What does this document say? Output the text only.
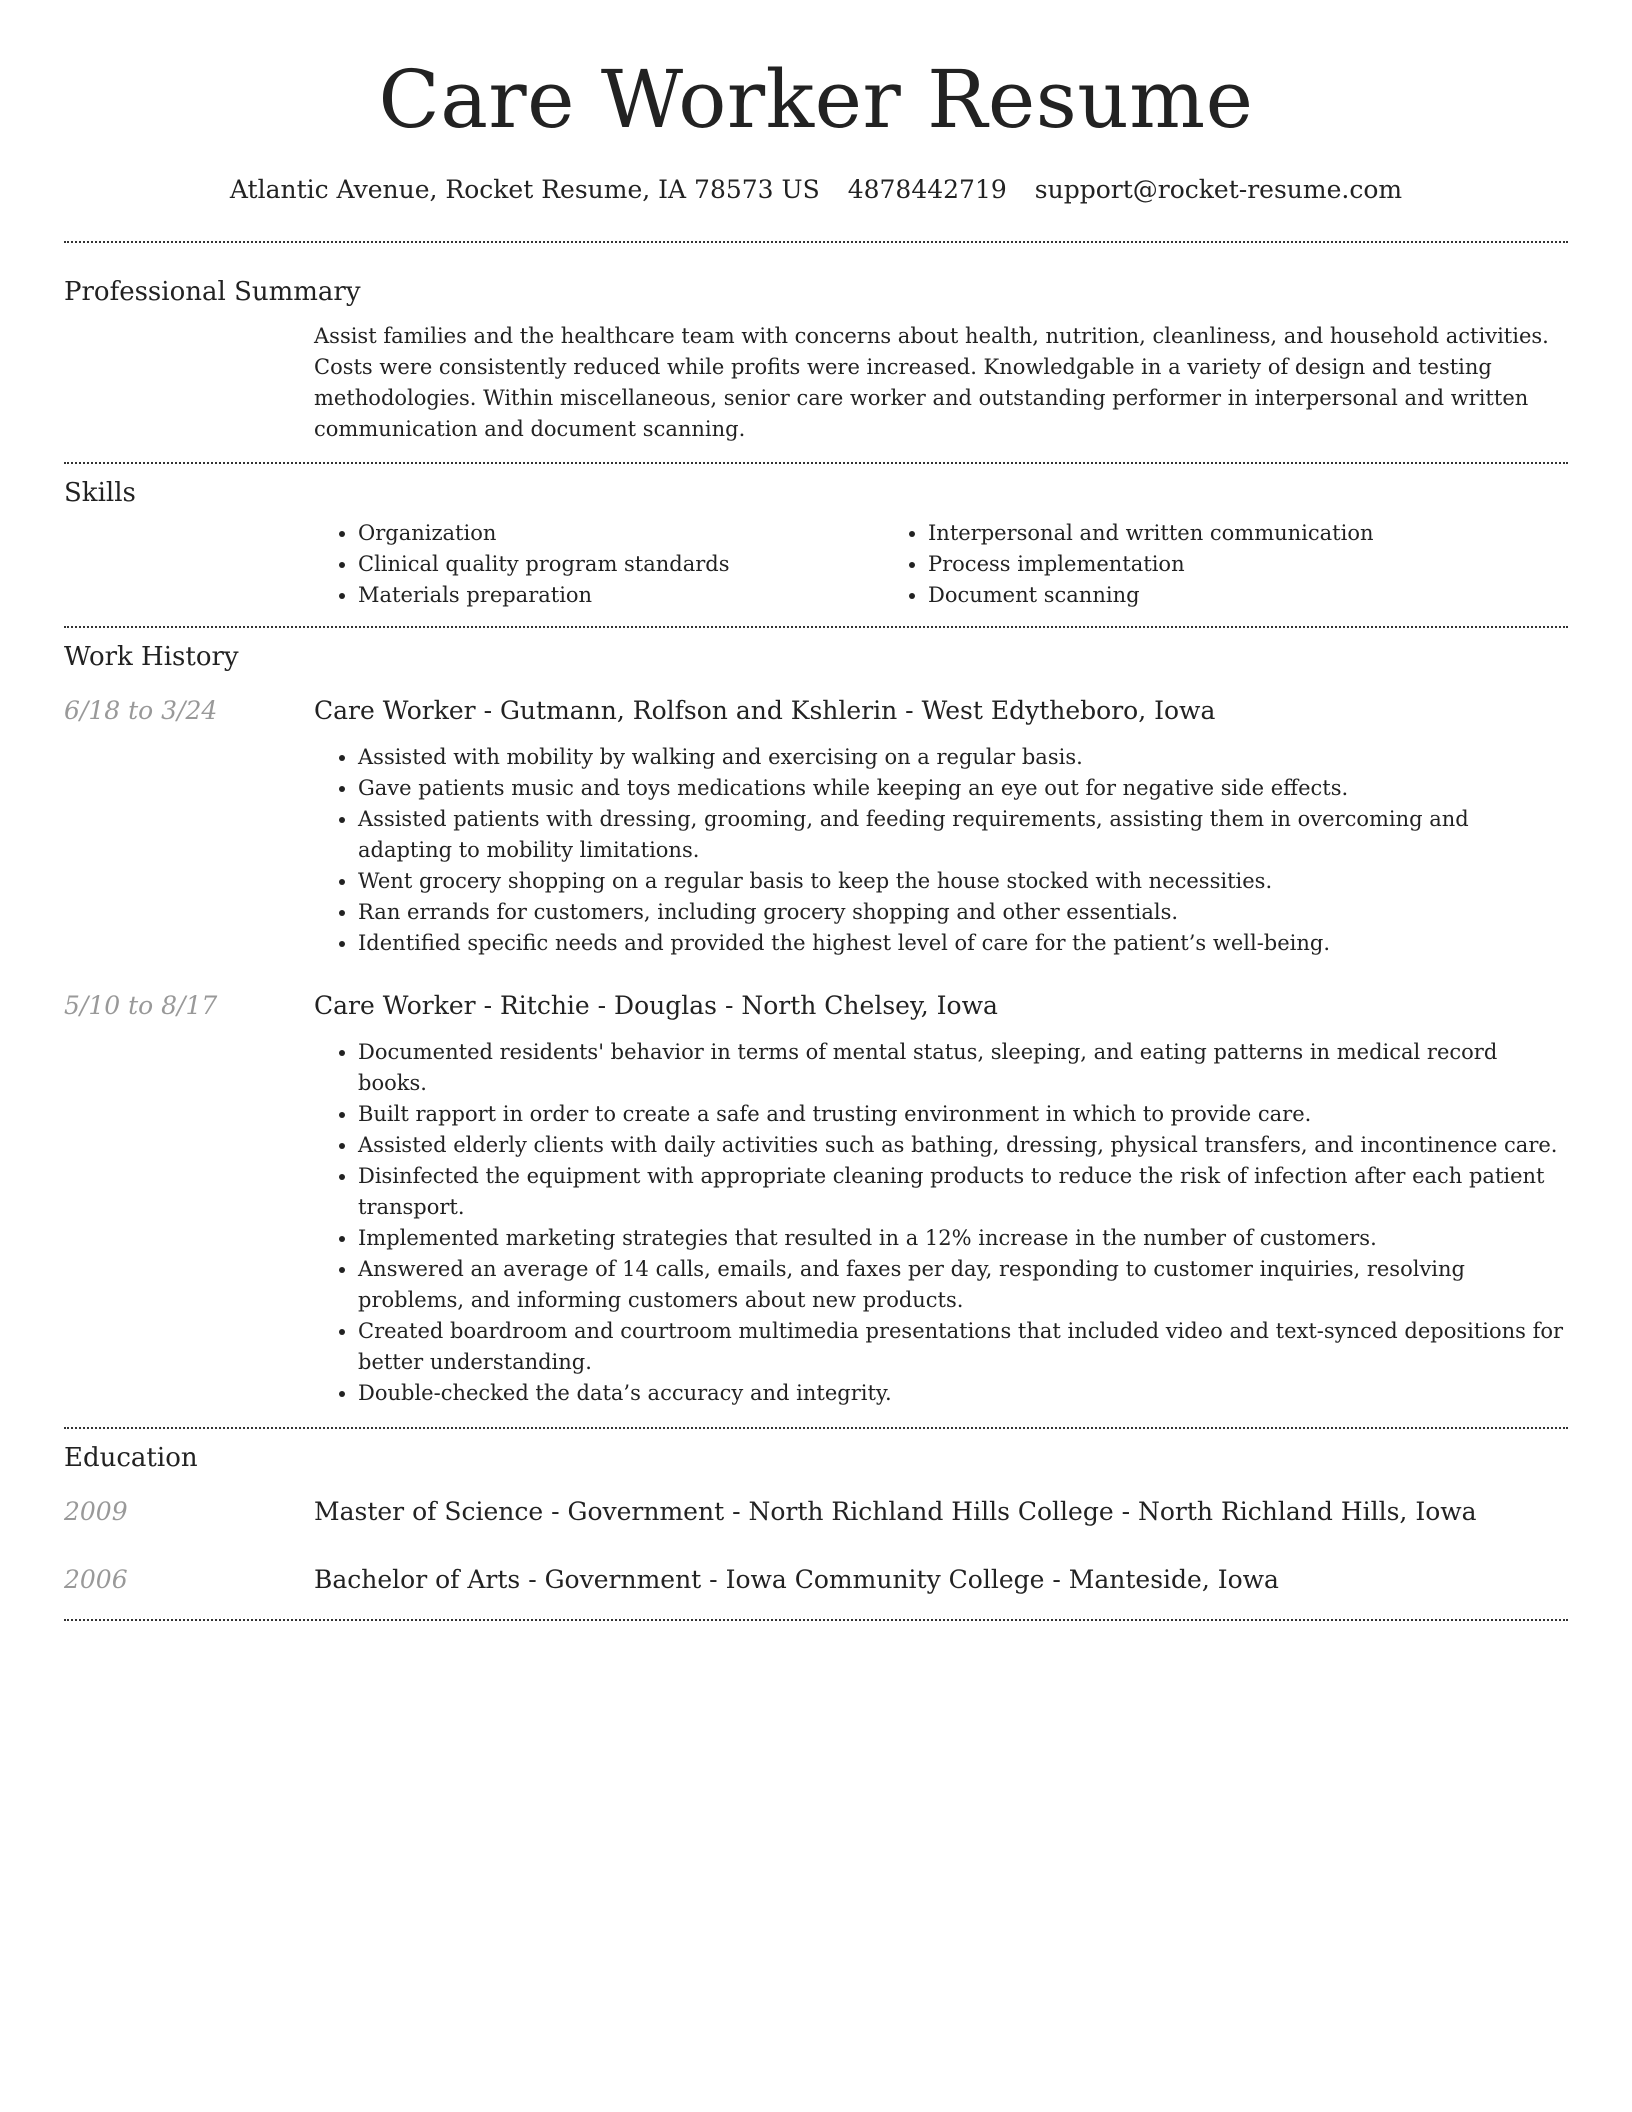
Care Worker Resume
Atlantic Avenue, Rocket Resume, IA 78573 US 4878442719 support@rocket-resume.com
Professional Summary

Assist families and the healthcare team with concerns about health, nutrition, cleanliness, and household activities. Costs were consistently reduced while profits were increased. Knowledgable in a variety of design and testing methodologies. Within miscellaneous, senior care worker and outstanding performer in interpersonal and written communication and document scanning.

Skills
• Organization
• Clinical quality program standards
• Materials preparation
• Interpersonal and written communication
• Process implementation
• Document scanning
Work History
6/18 to 3/24	Care Worker - Gutmann, Rolfson and Kshlerin - West Edytheboro, Iowa
• Assisted with mobility by walking and exercising on a regular basis.
• Gave patients music and toys medications while keeping an eye out for negative side effects.
• Assisted patients with dressing, grooming, and feeding requirements, assisting them in overcoming and adapting to mobility limitations.
• Went grocery shopping on a regular basis to keep the house stocked with necessities.
• Ran errands for customers, including grocery shopping and other essentials.
• Identified specific needs and provided the highest level of care for the patient’s well-being.
5/10 to 8/17	Care Worker - Ritchie - Douglas - North Chelsey, Iowa
• Documented residents' behavior in terms of mental status, sleeping, and eating patterns in medical record books.
• Built rapport in order to create a safe and trusting environment in which to provide care.
• Assisted elderly clients with daily activities such as bathing, dressing, physical transfers, and incontinence care.
• Disinfected the equipment with appropriate cleaning products to reduce the risk of infection after each patient transport.
• Implemented marketing strategies that resulted in a 12% increase in the number of customers.
• Answered an average of 14 calls, emails, and faxes per day, responding to customer inquiries, resolving problems, and informing customers about new products.
• Created boardroom and courtroom multimedia presentations that included video and text-synced depositions for better understanding.
• Double-checked the data’s accuracy and integrity.
Education
2009	Master of Science - Government - North Richland Hills College - North Richland Hills, Iowa
2006	Bachelor of Arts - Government - Iowa Community College - Manteside, Iowa
